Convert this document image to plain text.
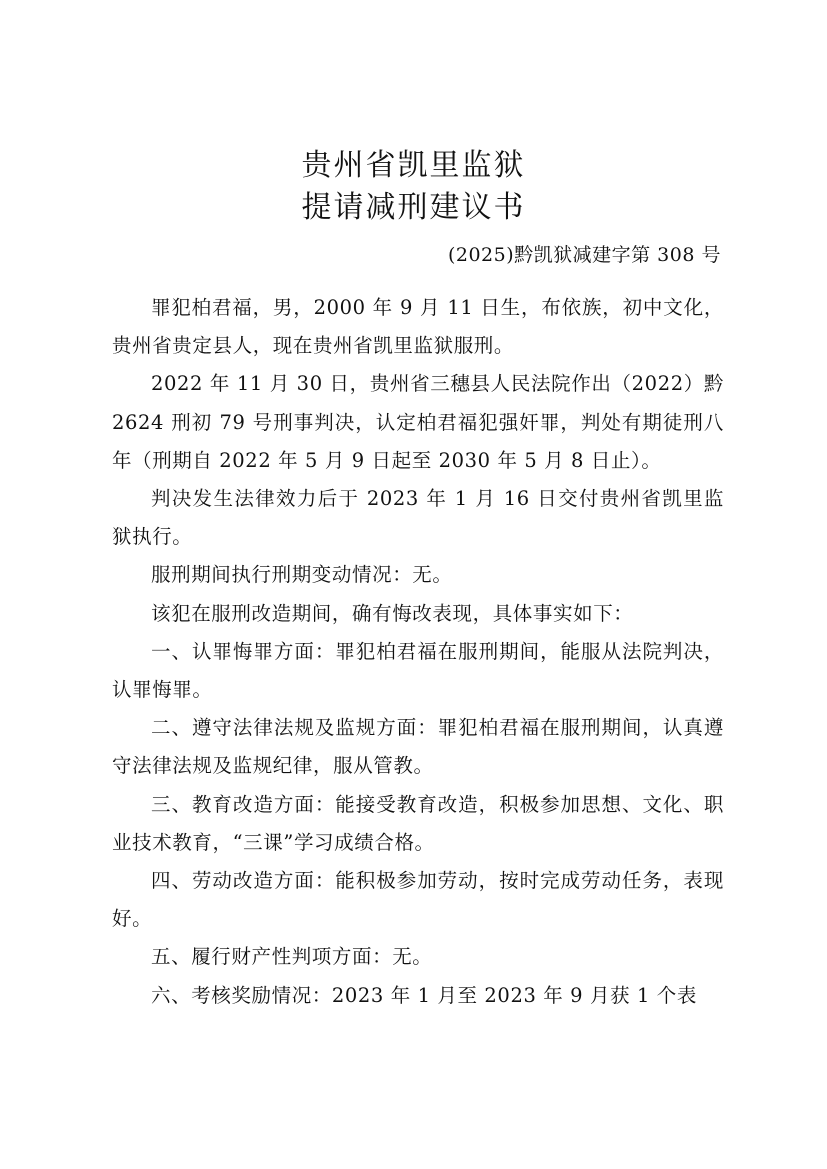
贵州省凯里监狱
提请减刑建议书
(2025)黔凯狱减建字第 308 号

罪犯柏君福，男，2000 年 9 月 11 日生，布依族，初中文化，贵州省贵定县人，现在贵州省凯里监狱服刑。

2022 年 11 月 30 日，贵州省三穗县人民法院作出（2022）黔 2624 刑初 79 号刑事判决，认定柏君福犯强奸罪，判处有期徒刑八年（刑期自 2022 年 5 月 9 日起至 2030 年 5 月 8 日止）。

判决发生法律效力后于 2023 年 1 月 16 日交付贵州省凯里监狱执行。

服刑期间执行刑期变动情况：无。

该犯在服刑改造期间，确有悔改表现，具体事实如下：

一、认罪悔罪方面：罪犯柏君福在服刑期间，能服从法院判决，认罪悔罪。

二、遵守法律法规及监规方面：罪犯柏君福在服刑期间，认真遵守法律法规及监规纪律，服从管教。

三、教育改造方面：能接受教育改造，积极参加思想、文化、职业技术教育，“三课”学习成绩合格。

四、劳动改造方面：能积极参加劳动，按时完成劳动任务，表现好。

五、履行财产性判项方面：无。

六、考核奖励情况：2023 年 1 月至 2023 年 9 月获 1 个表
